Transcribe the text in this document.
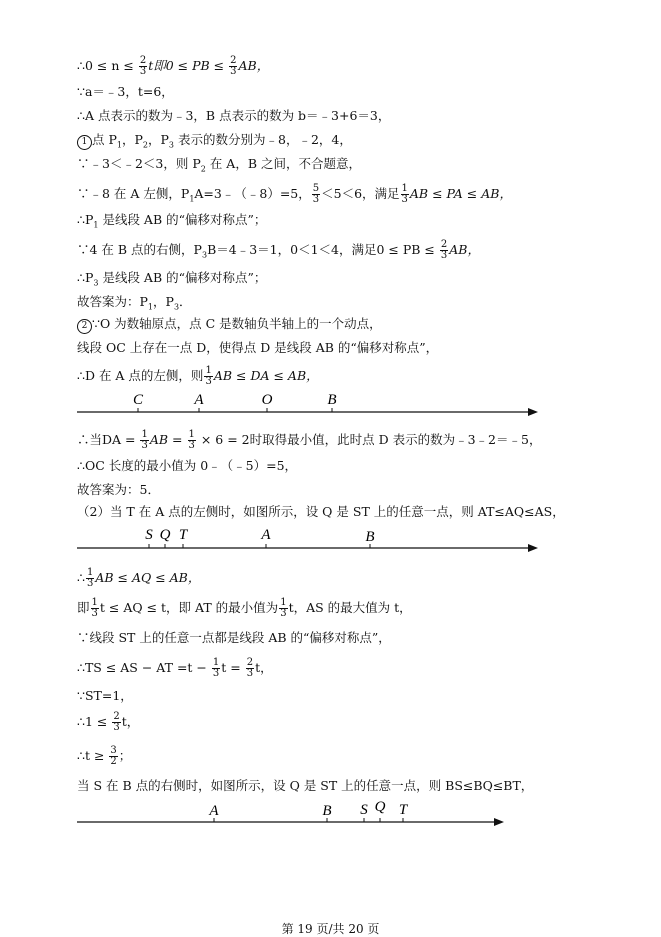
∴0 ≤ $n \le \frac{2}{3}$ t即0 ≤ PB ≤ $\frac{2}{3}$ AB，
∵a＝﹣3，t=6，
∴A 点表示的数为﹣3，B 点表示的数为 b＝﹣3+6＝3，
1 点 $P_1$，$P_2$，$P_3$ 表示的数分别为﹣8，﹣2，4，
∵﹣3＜﹣2＜3，则 $P_2$ 在 A，B 之间，不合题意，
∵﹣8 在 A 左侧，$P_1A=3﹣(﹣8)=5$， $\frac{5}{3} <5<6$，满足 $\frac{1}{3}$ AB ≤ PA ≤ AB，
$\therefore P_1$ 是线段 AB 的“偏移对称点”；
∵4 在 B 点的右侧，$P_3B=4﹣3=1$，0＜1＜4，满足0 ≤ PB ≤ $\frac{2}{3}$ AB，
$\therefore P_3$ 是线段 AB 的“偏移对称点”；
故答案为：$P_1$，$P_3$．
2 ∵O 为数轴原点，点 C 是数轴负半轴上的一个动点，
线段 OC 上存在一点 D，使得点 D 是线段 AB 的“偏移对称点”，
∴D 在 A 点的左侧，则 $\frac{1}{3}$ AB ≤ DA ≤ AB，
C	A	O	B
∴当DA = $\frac{1}{3}$ AB = $\frac{1}{3} \times 6 = 2$时取得最小值，此时点 D 表示的数为﹣3﹣2＝﹣5，
∴OC 长度的最小值为 0﹣（﹣5）=5，
故答案为：5．
（2）当 T 在 A 点的左侧时，如图所示，设 Q 是 ST 上的任意一点，则 AT≤AQ≤AS，
S Q T	A	B
∴ $\frac{1}{3}$ AB ≤ AQ ≤ AB，
即 $\frac{1}{3}$ t ≤ AQ ≤ t，即 AT 的最小值为 $\frac{1}{3}$ t，AS 的最大值为 t，
∵线段 ST 上的任意一点都是线段 AB 的“偏移对称点”，
∴TS ≤ AS − AT $=t - \frac{1}{3}$ $t = \frac{2}{3}$ t，
∵ST=1，
∴1 ≤ $\frac{2}{3}$ t，
∴t ≥ $\frac{3}{2}$ ；
当 S 在 B 点的右侧时，如图所示，设 Q 是 ST 上的任意一点，则 BS≤BQ≤BT，
A	B S Q T
第 19 页/共 20 页
